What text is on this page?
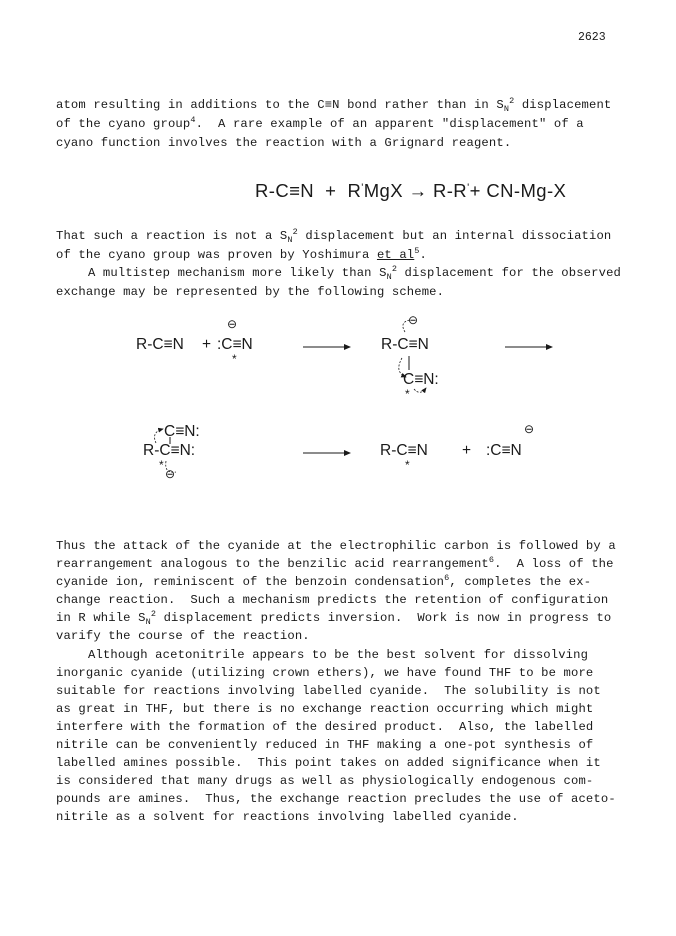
2623
atom resulting in additions to the C≡N bond rather than in $S_N^2$ displacement
of the cyano group$^4$.  A rare example of an apparent "displacement" of a
cyano function involves the reaction with a Grignard reagent.
R-C≡N + R'MgX → R-R'+ CN-Mg-X
That such a reaction is not a $S_N^2$ displacement but an internal dissociation
of the cyano group was proven by Yoshimura et $al^5$.
A multistep mechanism more likely than $S_N^2$ displacement for the observed
exchange may be represented by the following scheme.
R-C≡N + :C≡N
⊖
*
R-C≡N
C≡N:
⊖
*
C≡N:
R-C≡N:
⊖
*
R-C≡N
*
+ :C≡N
⊖
Thus the attack of the cyanide at the electrophilic carbon is followed by a
rearrangement analogous to the benzilic acid rearrangement$^6$.  A loss of the
cyanide ion, reminiscent of the benzoin condensation$^6$, completes the ex-
change reaction.  Such a mechanism predicts the retention of configuration
in R while $S_N^2$ displacement predicts inversion.  Work is now in progress to
varify the course of the reaction.
Although acetonitrile appears to be the best solvent for dissolving
inorganic cyanide (utilizing crown ethers), we have found THF to be more
suitable for reactions involving labelled cyanide.  The solubility is not
as great in THF, but there is no exchange reaction occurring which might
interfere with the formation of the desired product.  Also, the labelled
nitrile can be conveniently reduced in THF making a one-pot synthesis of
labelled amines possible.  This point takes on added significance when it
is considered that many drugs as well as physiologically endogenous com-
pounds are amines.  Thus, the exchange reaction precludes the use of aceto-
nitrile as a solvent for reactions involving labelled cyanide.
